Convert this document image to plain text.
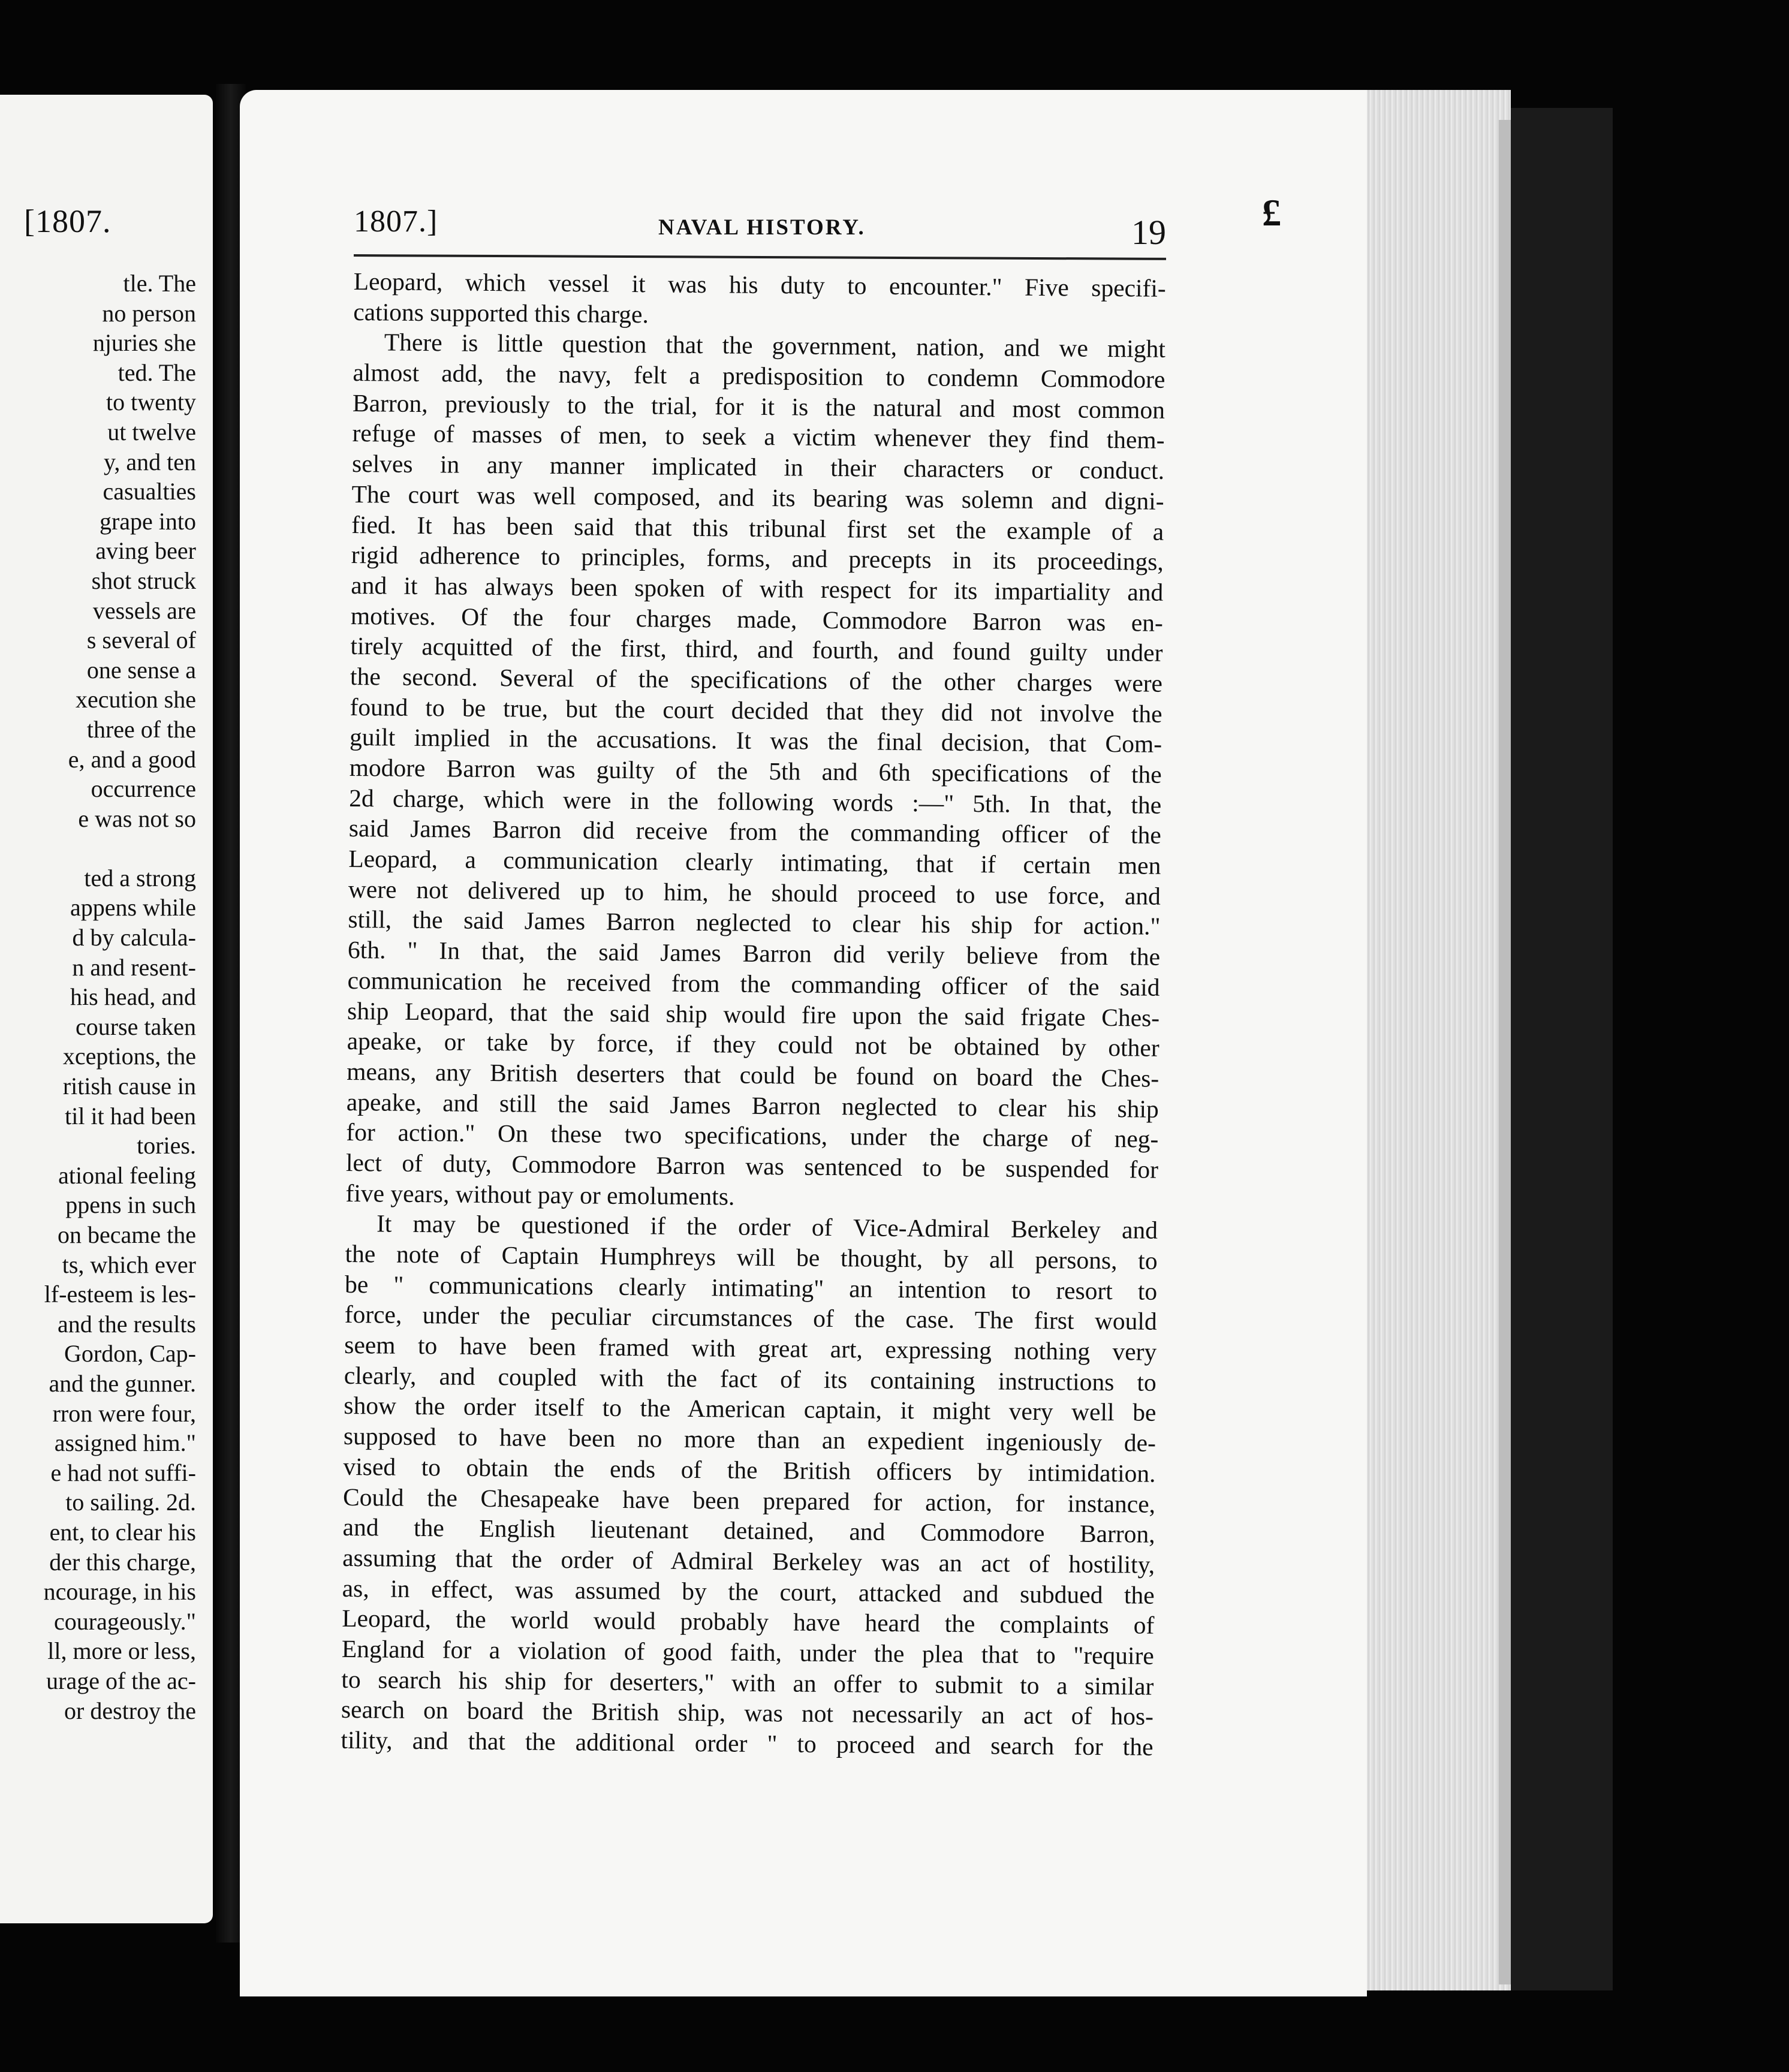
[1807.
tle. The
no person
njuries she
ted. The
to twenty
ut twelve
y, and ten
casualties
grape into
aving beer
shot struck
vessels are
s several of
one sense a
xecution she
three of the
e, and a good
occurrence
e was not so
ted a strong
appens while
d by calcula-
n and resent-
his head, and
course taken
xceptions, the
ritish cause in
til it had been
tories.
ational feeling
ppens in such
on became the
ts, which ever
lf-esteem is les-
and the results
Gordon, Cap-
and the gunner.
rron were four,
assigned him."
e had not suffi-
to sailing. 2d.
ent, to clear his
der this charge,
ncourage, in his
courageously."
ll, more or less,
urage of the ac-
or destroy the
£
1807.]	NAVAL HISTORY.	19
Leopard, which vessel it was his duty to encounter." Five specifi-
cations supported this charge.
There is little question that the government, nation, and we might
almost add, the navy, felt a predisposition to condemn Commodore
Barron, previously to the trial, for it is the natural and most common
refuge of masses of men, to seek a victim whenever they find them-
selves in any manner implicated in their characters or conduct.
The court was well composed, and its bearing was solemn and digni-
fied. It has been said that this tribunal first set the example of a
rigid adherence to principles, forms, and precepts in its proceedings,
and it has always been spoken of with respect for its impartiality and
motives. Of the four charges made, Commodore Barron was en-
tirely acquitted of the first, third, and fourth, and found guilty under
the second. Several of the specifications of the other charges were
found to be true, but the court decided that they did not involve the
guilt implied in the accusations. It was the final decision, that Com-
modore Barron was guilty of the 5th and 6th specifications of the
2d charge, which were in the following words :—" 5th. In that, the
said James Barron did receive from the commanding officer of the
Leopard, a communication clearly intimating, that if certain men
were not delivered up to him, he should proceed to use force, and
still, the said James Barron neglected to clear his ship for action."
6th. " In that, the said James Barron did verily believe from the
communication he received from the commanding officer of the said
ship Leopard, that the said ship would fire upon the said frigate Ches-
apeake, or take by force, if they could not be obtained by other
means, any British deserters that could be found on board the Ches-
apeake, and still the said James Barron neglected to clear his ship
for action." On these two specifications, under the charge of neg-
lect of duty, Commodore Barron was sentenced to be suspended for
five years, without pay or emoluments.
It may be questioned if the order of Vice-Admiral Berkeley and
the note of Captain Humphreys will be thought, by all persons, to
be " communications clearly intimating" an intention to resort to
force, under the peculiar circumstances of the case. The first would
seem to have been framed with great art, expressing nothing very
clearly, and coupled with the fact of its containing instructions to
show the order itself to the American captain, it might very well be
supposed to have been no more than an expedient ingeniously de-
vised to obtain the ends of the British officers by intimidation.
Could the Chesapeake have been prepared for action, for instance,
and the English lieutenant detained, and Commodore Barron,
assuming that the order of Admiral Berkeley was an act of hostility,
as, in effect, was assumed by the court, attacked and subdued the
Leopard, the world would probably have heard the complaints of
England for a violation of good faith, under the plea that to "require
to search his ship for deserters," with an offer to submit to a similar
search on board the British ship, was not necessarily an act of hos-
tility, and that the additional order " to proceed and search for the
